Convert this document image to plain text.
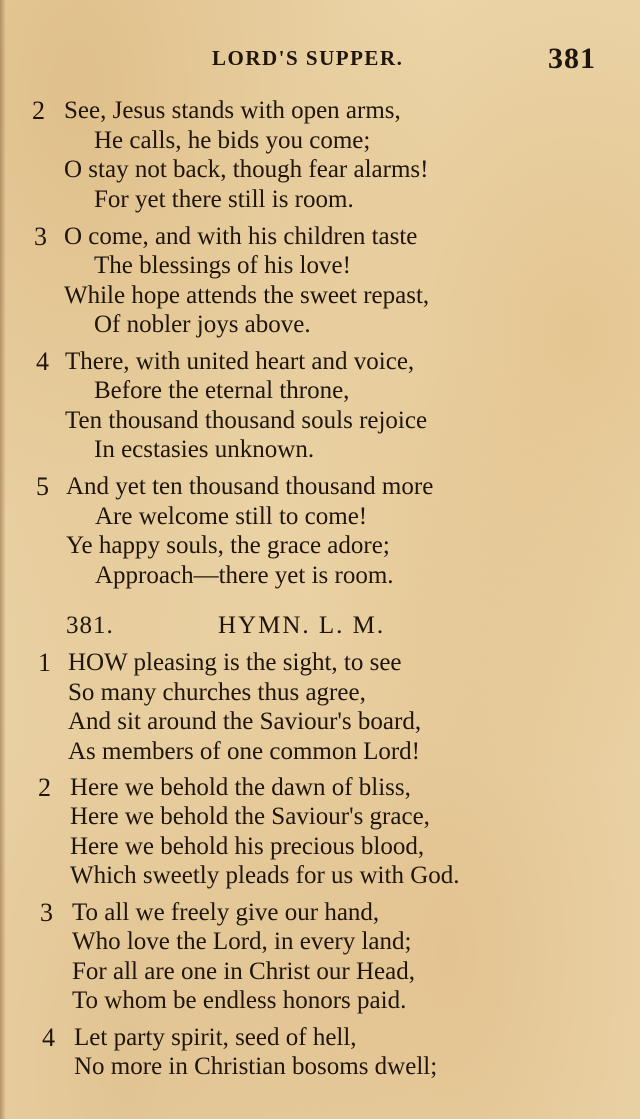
LORD'S SUPPER.	381
2 See, Jesus stands with open arms,
He calls, he bids you come;
O stay not back, though fear alarms!
For yet there still is room.
3 O come, and with his children taste
The blessings of his love!
While hope attends the sweet repast,
Of nobler joys above.
4 There, with united heart and voice,
Before the eternal throne,
Ten thousand thousand souls rejoice
In ecstasies unknown.
5 And yet ten thousand thousand more
Are welcome still to come!
Ye happy souls, the grace adore;
Approach—there yet is room.
381.	HYMN. L. M.
1 HOW pleasing is the sight, to see
So many churches thus agree,
And sit around the Saviour's board,
As members of one common Lord!
2 Here we behold the dawn of bliss,
Here we behold the Saviour's grace,
Here we behold his precious blood,
Which sweetly pleads for us with God.
3 To all we freely give our hand,
Who love the Lord, in every land;
For all are one in Christ our Head,
To whom be endless honors paid.
4 Let party spirit, seed of hell,
No more in Christian bosoms dwell;
